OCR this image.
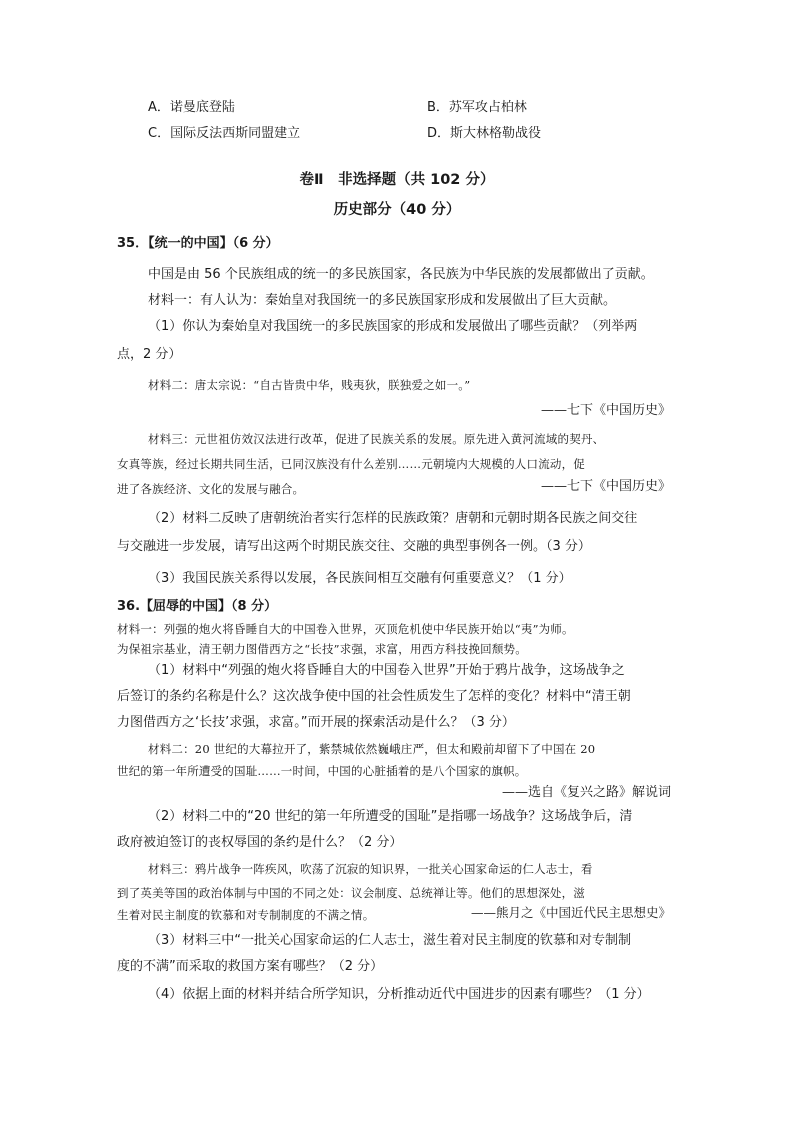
A．诺曼底登陆	B．苏军攻占柏林
C．国际反法西斯同盟建立	D．斯大林格勒战役
卷Ⅱ　非选择题（共 102 分）
历史部分（40 分）
35．【统一的中国】（6 分）
中国是由 56 个民族组成的统一的多民族国家，各民族为中华民族的发展都做出了贡献。
材料一：有人认为：秦始皇对我国统一的多民族国家形成和发展做出了巨大贡献。
（1）你认为秦始皇对我国统一的多民族国家的形成和发展做出了哪些贡献？（列举两
点，2 分）
材料二：唐太宗说：“自古皆贵中华，贱夷狄，朕独爱之如一。”
——七下《中国历史》
材料三：元世祖仿效汉法进行改革，促进了民族关系的发展。原先进入黄河流域的契丹、
女真等族，经过长期共同生活，已同汉族没有什么差别……元朝境内大规模的人口流动，促
进了各族经济、文化的发展与融合。	——七下《中国历史》
（2）材料二反映了唐朝统治者实行怎样的民族政策？唐朝和元朝时期各民族之间交往
与交融进一步发展，请写出这两个时期民族交往、交融的典型事例各一例。（3 分）
（3）我国民族关系得以发展，各民族间相互交融有何重要意义？（1 分）
36.【屈辱的中国】（8 分）
材料一：列强的炮火将昏睡自大的中国卷入世界，灭顶危机使中华民族开始以“夷”为师。
为保祖宗基业，清王朝力图借西方之“长技”求强，求富，用西方科技挽回颓势。
（1）材料中“列强的炮火将昏睡自大的中国卷入世界”开始于鸦片战争，这场战争之
后签订的条约名称是什么？这次战争使中国的社会性质发生了怎样的变化？材料中“清王朝
力图借西方之‘长技’求强，求富。”而开展的探索活动是什么？（3 分）
材料二：20 世纪的大幕拉开了，紫禁城依然巍峨庄严，但太和殿前却留下了中国在 20
世纪的第一年所遭受的国耻……一时间，中国的心脏插着的是八个国家的旗帜。
——选自《复兴之路》解说词
（2）材料二中的“20 世纪的第一年所遭受的国耻”是指哪一场战争？这场战争后，清
政府被迫签订的丧权辱国的条约是什么？（2 分）
材料三：鸦片战争一阵疾风，吹荡了沉寂的知识界，一批关心国家命运的仁人志士，看
到了英美等国的政治体制与中国的不同之处：议会制度、总统禅让等。他们的思想深处，滋
生着对民主制度的钦慕和对专制制度的不满之情。	——熊月之《中国近代民主思想史》
（3）材料三中“一批关心国家命运的仁人志士，滋生着对民主制度的钦慕和对专制制
度的不满”而采取的救国方案有哪些？（2 分）
（4）依据上面的材料并结合所学知识，分析推动近代中国进步的因素有哪些？（1 分）
